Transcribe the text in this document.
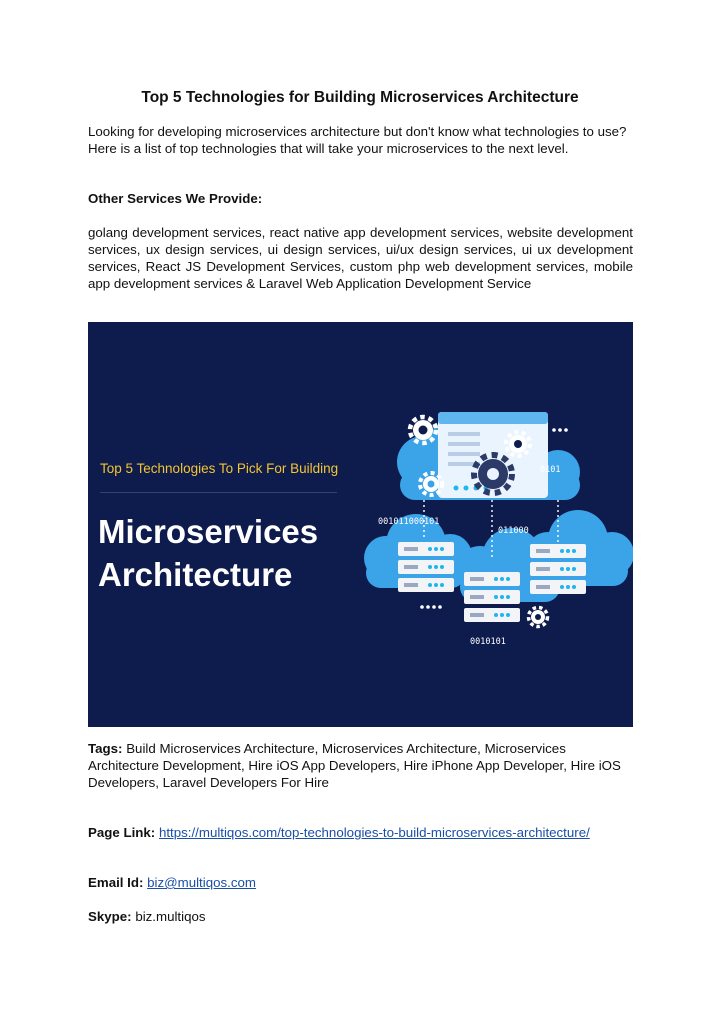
Top 5 Technologies for Building Microservices Architecture

Looking for developing microservices architecture but don't know what technologies to use? Here is a list of top technologies that will take your microservices to the next level.

Other Services We Provide:

golang development services, react native app development services, website development services, ux design services, ui design services, ui/ux design services, ui ux development services, React JS Development Services, custom php web development services, mobile app development services & Laravel Web Application Development Service

Top 5 Technologies To Pick For Building

Microservices
Architecture

001011000101

011000

0101

0010101

Tags: Build Microservices Architecture, Microservices Architecture, Microservices Architecture Development, Hire iOS App Developers, Hire iPhone App Developer, Hire iOS Developers, Laravel Developers For Hire

Page Link: https://multiqos.com/top-technologies-to-build-microservices-architecture/

Email Id: biz@multiqos.com

Skype: biz.multiqos
